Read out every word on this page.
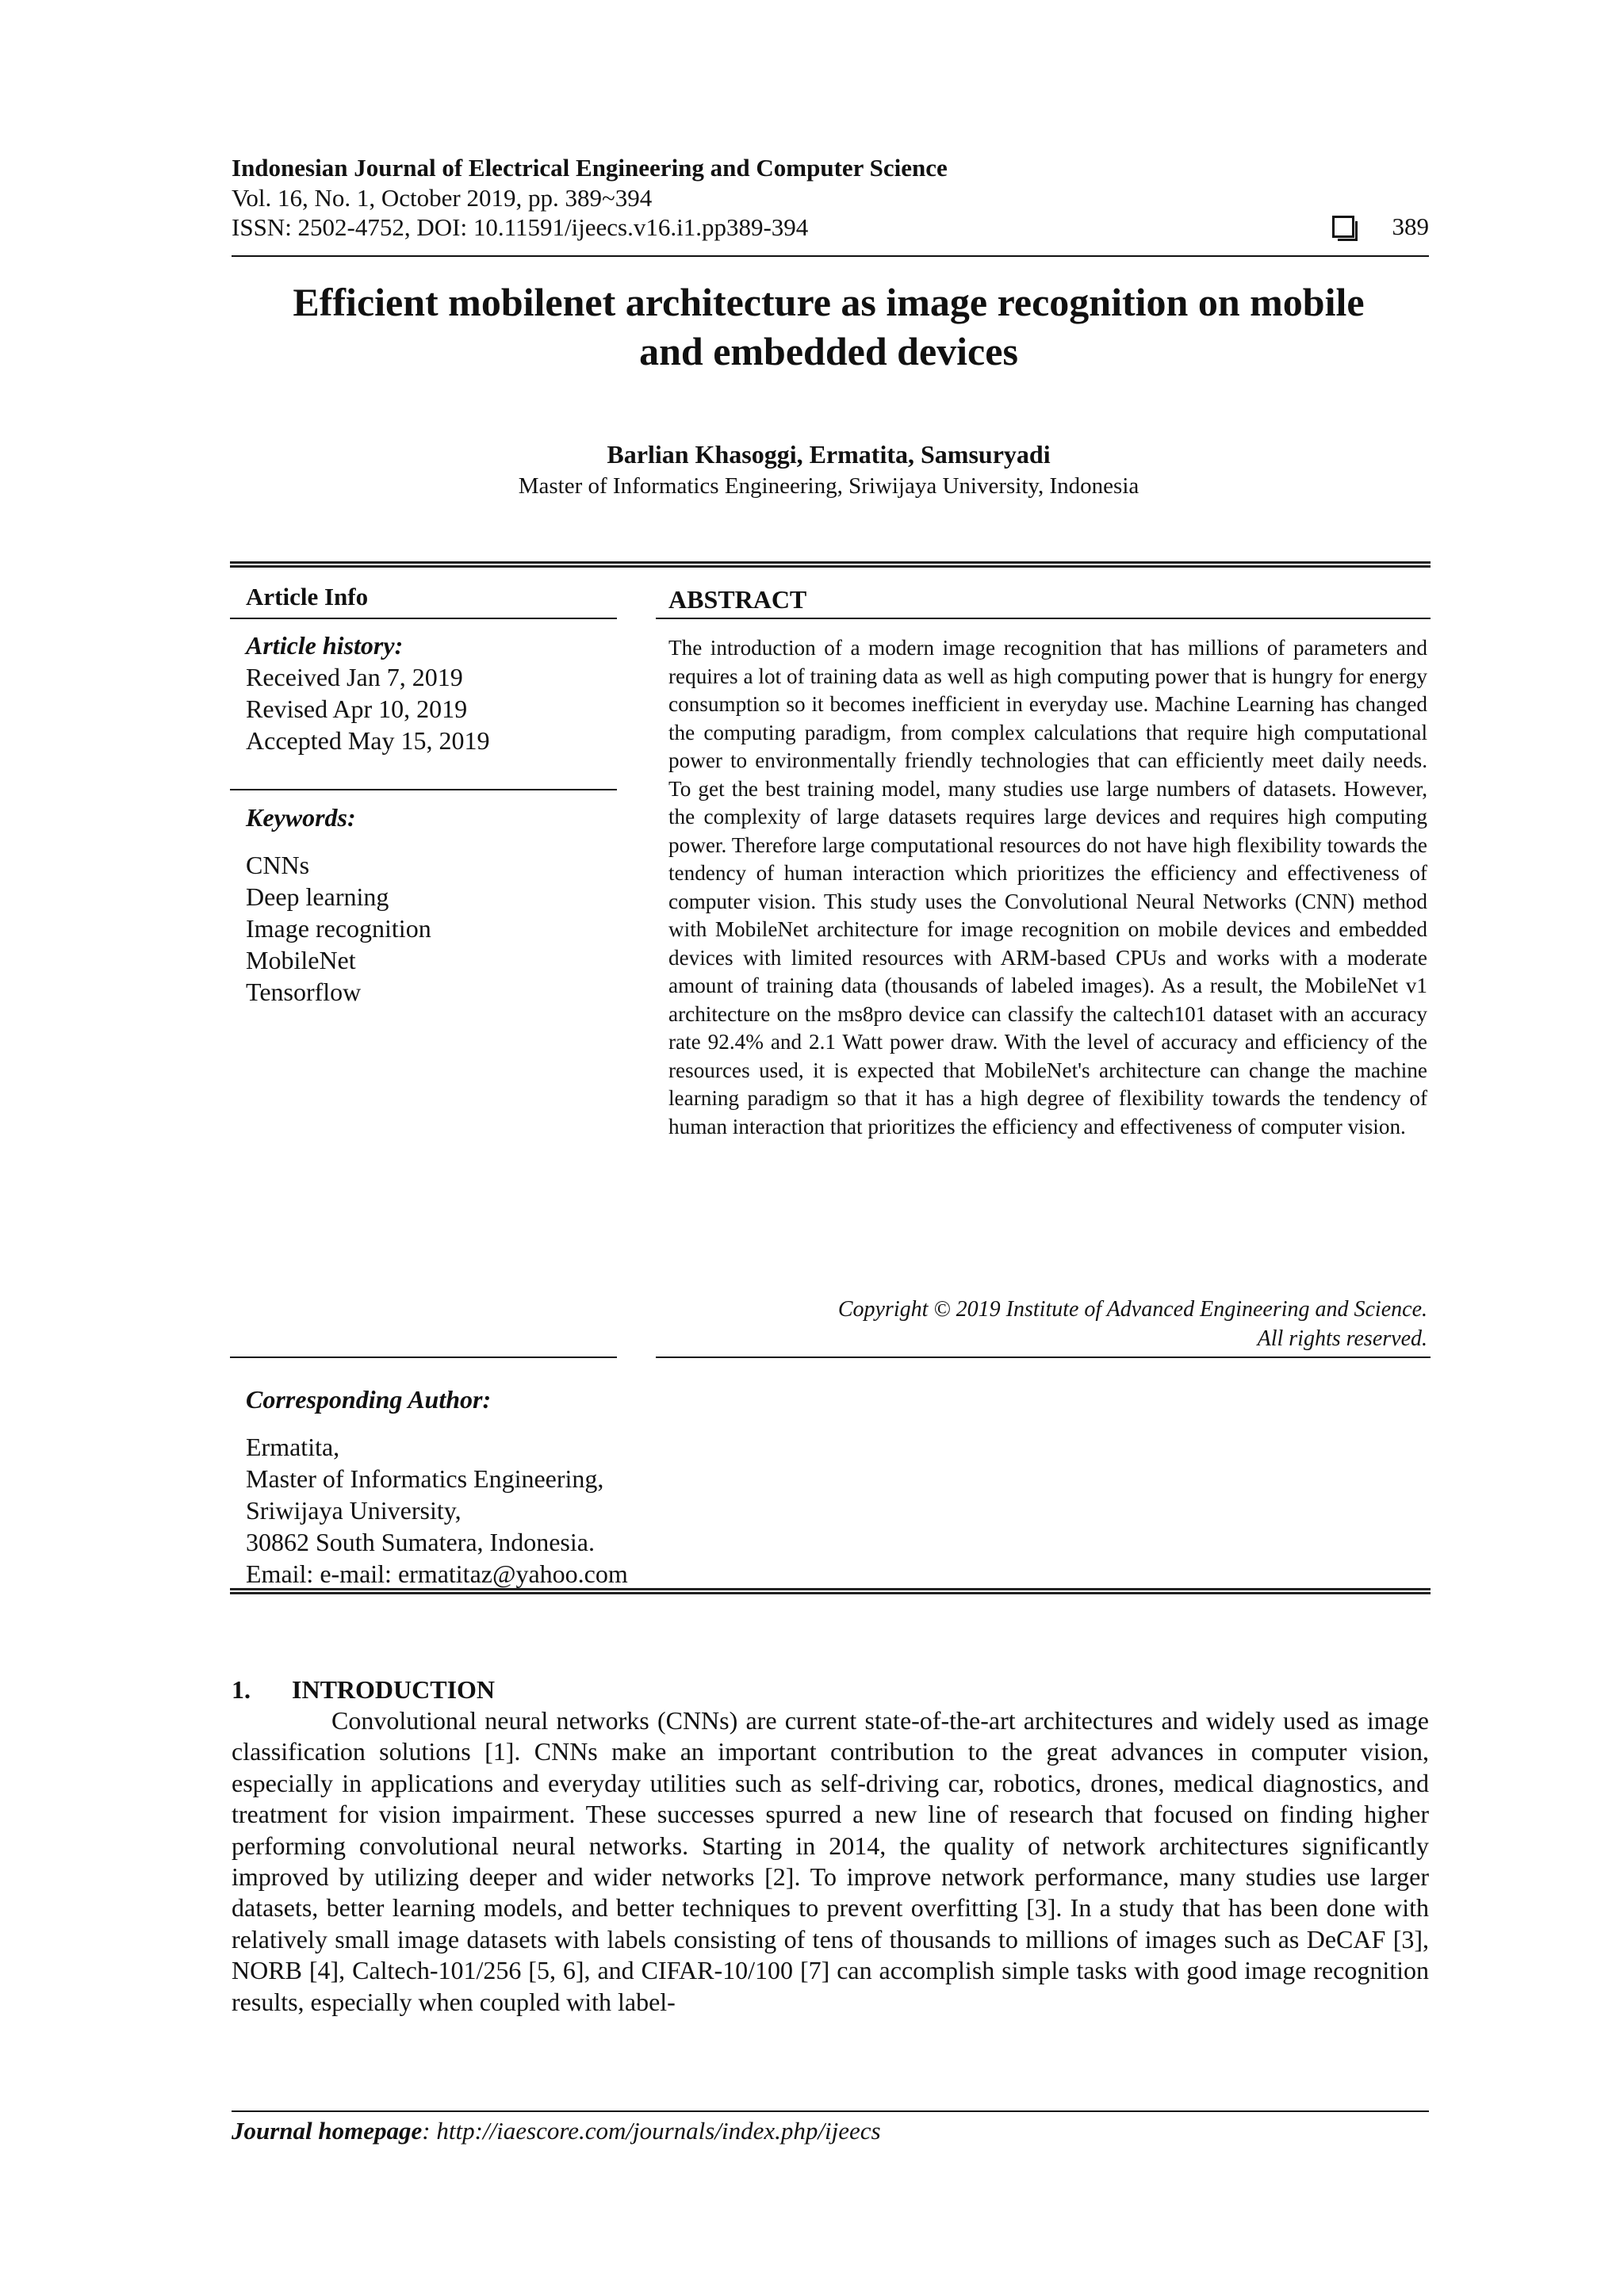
Indonesian Journal of Electrical Engineering and Computer Science
Vol. 16, No. 1, October 2019, pp. 389~394
ISSN: 2502-4752, DOI: 10.11591/ijeecs.v16.i1.pp389-394	389
Efficient mobilenet architecture as image recognition on mobile
and embedded devices
Barlian Khasoggi, Ermatita, Samsuryadi
Master of Informatics Engineering, Sriwijaya University, Indonesia
Article Info
Article history:
Received Jan 7, 2019
Revised Apr 10, 2019
Accepted May 15, 2019
Keywords:
CNNs
Deep learning
Image recognition
MobileNet
Tensorflow
ABSTRACT
The introduction of a modern image recognition that has millions of parameters and requires a lot of training data as well as high computing power that is hungry for energy consumption so it becomes inefficient in everyday use. Machine Learning has changed the computing paradigm, from complex calculations that require high computational power to environmentally friendly technologies that can efficiently meet daily needs. To get the best training model, many studies use large numbers of datasets. However, the complexity of large datasets requires large devices and requires high computing power. Therefore large computational resources do not have high flexibility towards the tendency of human interaction which prioritizes the efficiency and effectiveness of computer vision. This study uses the Convolutional Neural Networks (CNN) method with MobileNet architecture for image recognition on mobile devices and embedded devices with limited resources with ARM-based CPUs and works with a moderate amount of training data (thousands of labeled images). As a result, the MobileNet v1 architecture on the ms8pro device can classify the caltech101 dataset with an accuracy rate 92.4% and 2.1 Watt power draw. With the level of accuracy and efficiency of the resources used, it is expected that MobileNet's architecture can change the machine learning paradigm so that it has a high degree of flexibility towards the tendency of human interaction that prioritizes the efficiency and effectiveness of computer vision.
Copyright © 2019 Institute of Advanced Engineering and Science.
All rights reserved.
Corresponding Author:
Ermatita,
Master of Informatics Engineering,
Sriwijaya University,
30862 South Sumatera, Indonesia.
Email: e-mail: ermatitaz@yahoo.com
1. INTRODUCTION
Convolutional neural networks (CNNs) are current state-of-the-art architectures and widely used as image classification solutions [1]. CNNs make an important contribution to the great advances in computer vision, especially in applications and everyday utilities such as self-driving car, robotics, drones, medical diagnostics, and treatment for vision impairment. These successes spurred a new line of research that focused on finding higher performing convolutional neural networks. Starting in 2014, the quality of network architectures significantly improved by utilizing deeper and wider networks [2]. To improve network performance, many studies use larger datasets, better learning models, and better techniques to prevent overfitting [3]. In a study that has been done with relatively small image datasets with labels consisting of tens of thousands to millions of images such as DeCAF [3], NORB [4], Caltech-101/256 [5, 6], and CIFAR-10/100 [7] can accomplish simple tasks with good image recognition results, especially when coupled with label-
Journal homepage: http://iaescore.com/journals/index.php/ijeecs
